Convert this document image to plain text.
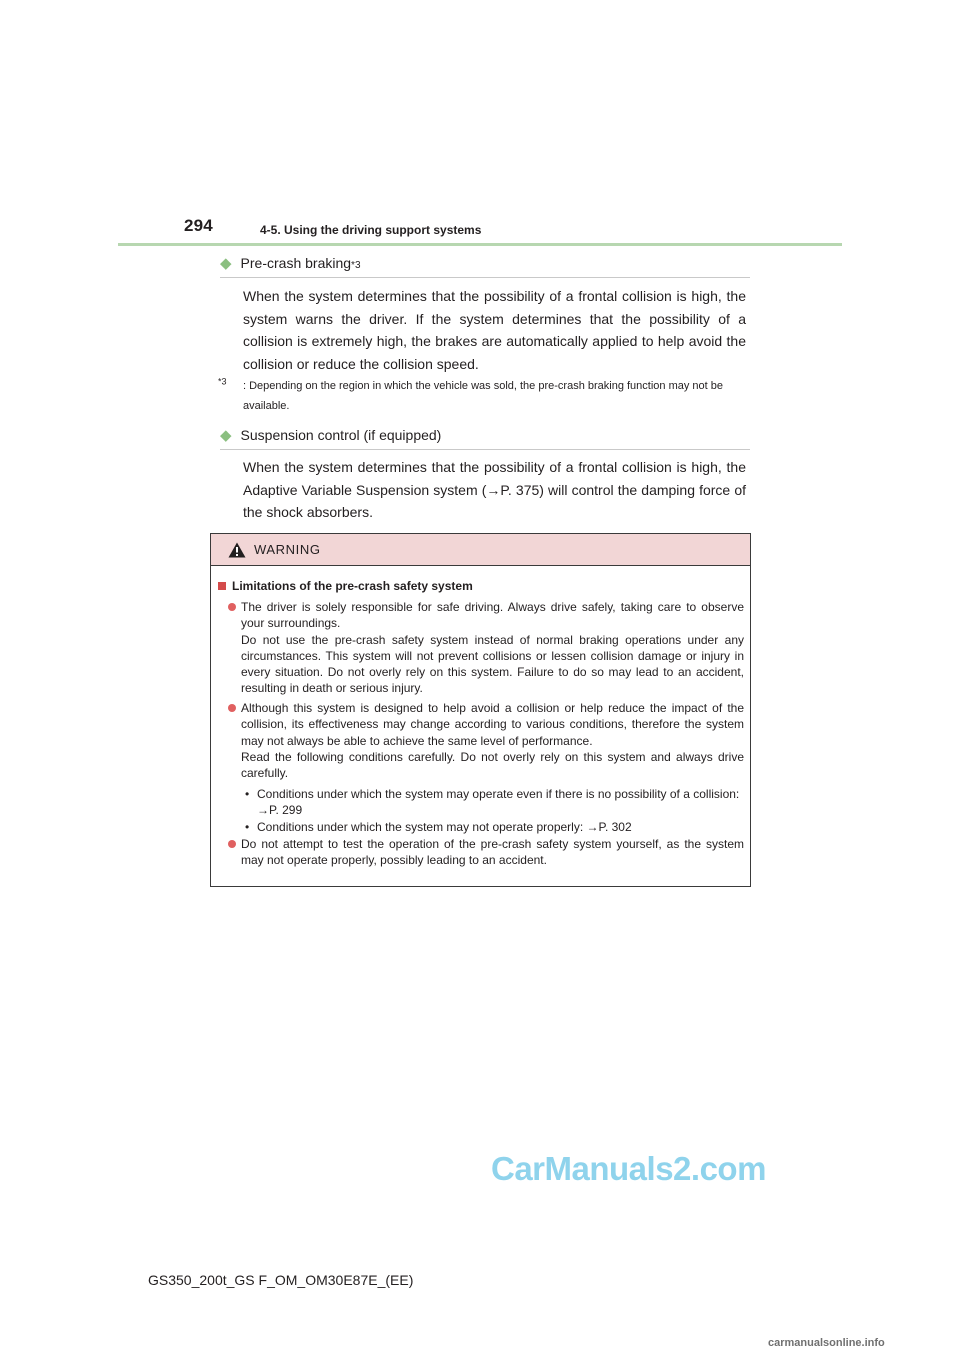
294	4-5. Using the driving support systems
◆ Pre-crash braking *3
When the system determines that the possibility of a frontal collision is high, the system warns the driver. If the system determines that the possibility of a collision is extremely high, the brakes are automatically applied to help avoid the collision or reduce the collision speed.
$^{*3}$	: Depending on the region in which the vehicle was sold, the pre-crash braking function may not be available.
◆ Suspension control (if equipped)
When the system determines that the possibility of a frontal collision is high, the Adaptive Variable Suspension system (→P. 375) will control the damping force of the shock absorbers.
WARNING
Limitations of the pre-crash safety system
The driver is solely responsible for safe driving. Always drive safely, taking care to observe your surroundings.
Do not use the pre-crash safety system instead of normal braking operations under any circumstances. This system will not prevent collisions or lessen collision damage or injury in every situation. Do not overly rely on this system. Failure to do so may lead to an accident, resulting in death or serious injury.
Although this system is designed to help avoid a collision or help reduce the impact of the collision, its effectiveness may change according to various conditions, therefore the system may not always be able to achieve the same level of performance.
Read the following conditions carefully. Do not overly rely on this system and always drive carefully.
• Conditions under which the system may operate even if there is no possibility of a collision: →P. 299
• Conditions under which the system may not operate properly: →P. 302
Do not attempt to test the operation of the pre-crash safety system yourself, as the system may not operate properly, possibly leading to an accident.
CarManuals2.com
GS350_200t_GS F_OM_OM30E87E_(EE)
carmanualsonline.info
